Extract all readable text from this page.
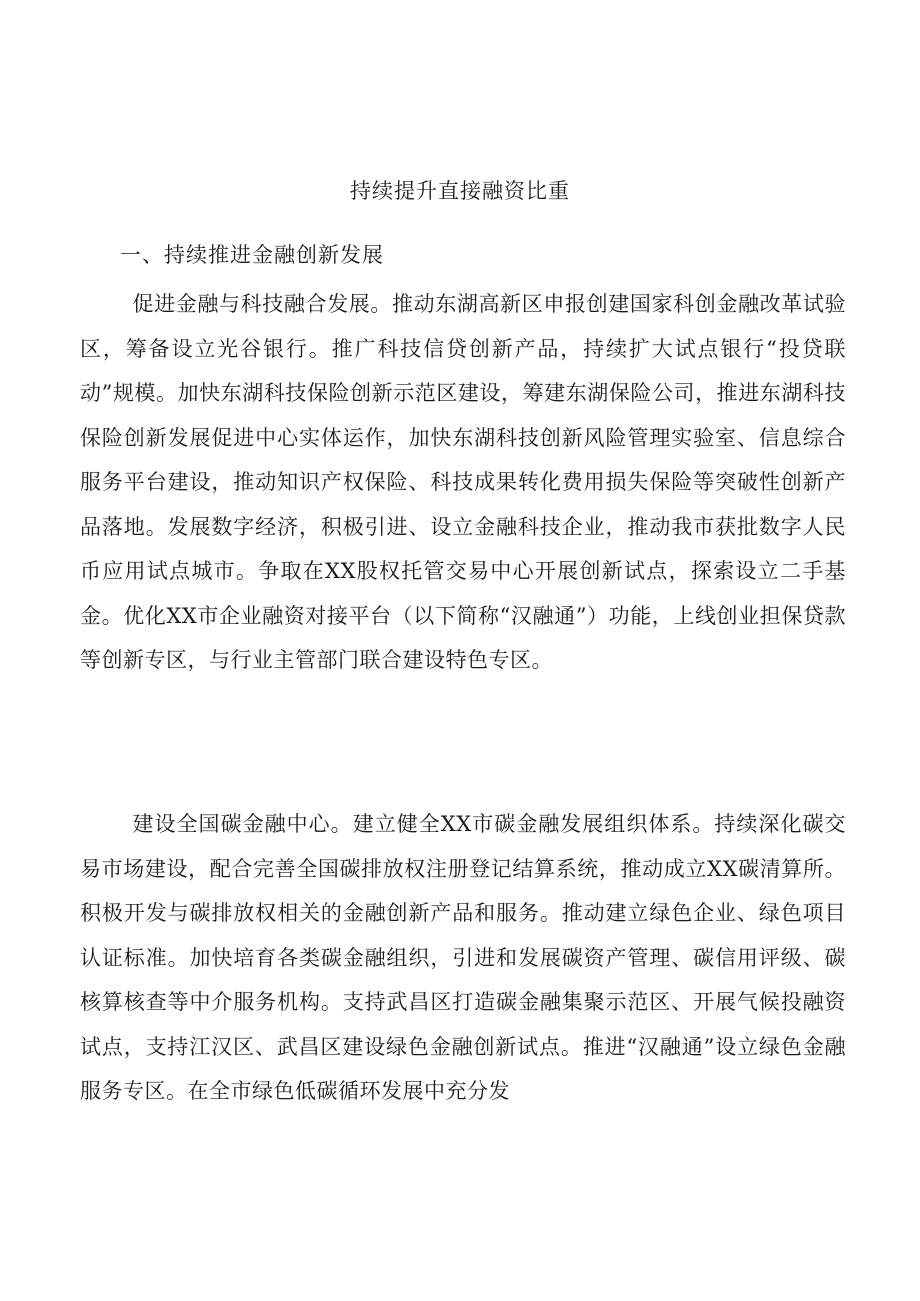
持续提升直接融资比重
一、持续推进金融创新发展

促进金融与科技融合发展。推动东湖高新区申报创建国家科创金融改革试验区，筹备设立光谷银行。推广科技信贷创新产品，持续扩大试点银行“投贷联动”规模。加快东湖科技保险创新示范区建设，筹建东湖保险公司，推进东湖科技保险创新发展促进中心实体运作，加快东湖科技创新风险管理实验室、信息综合服务平台建设，推动知识产权保险、科技成果转化费用损失保险等突破性创新产品落地。发展数字经济，积极引进、设立金融科技企业，推动我市获批数字人民币应用试点城市。争取在XX股权托管交易中心开展创新试点，探索设立二手基金。优化XX市企业融资对接平台（以下简称“汉融通”）功能，上线创业担保贷款等创新专区，与行业主管部门联合建设特色专区。

建设全国碳金融中心。建立健全XX市碳金融发展组织体系。持续深化碳交易市场建设，配合完善全国碳排放权注册登记结算系统，推动成立XX碳清算所。积极开发与碳排放权相关的金融创新产品和服务。推动建立绿色企业、绿色项目认证标准。加快培育各类碳金融组织，引进和发展碳资产管理、碳信用评级、碳核算核查等中介服务机构。支持武昌区打造碳金融集聚示范区、开展气候投融资试点，支持江汉区、武昌区建设绿色金融创新试点。推进“汉融通”设立绿色金融服务专区。在全市绿色低碳循环发展中充分发
